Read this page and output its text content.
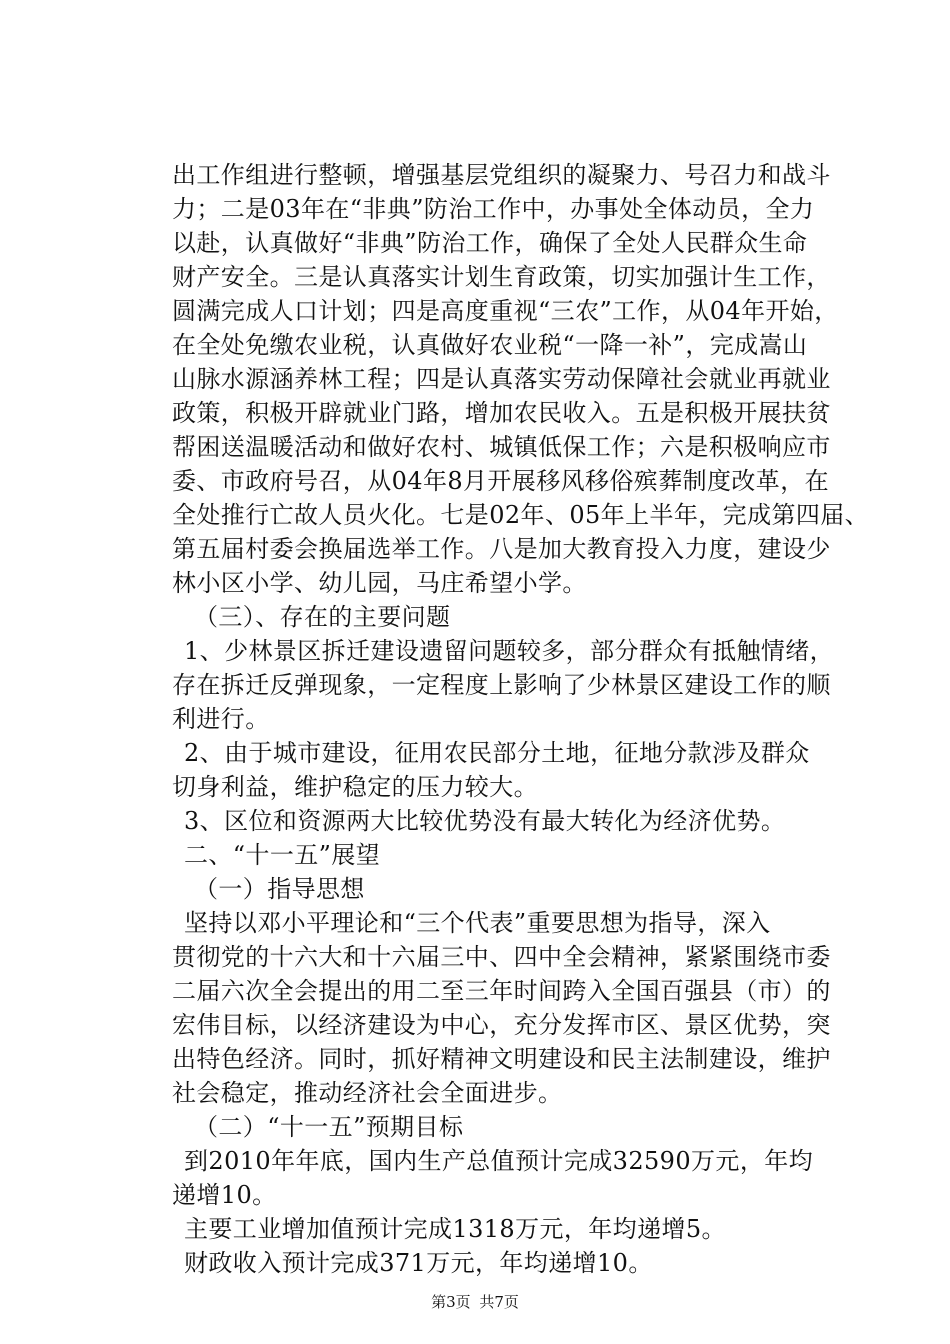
出工作组进行整顿，增强基层党组织的凝聚力、号召力和战斗
力；二是03年在“非典”防治工作中，办事处全体动员，全力
以赴，认真做好“非典”防治工作，确保了全处人民群众生命
财产安全。三是认真落实计划生育政策，切实加强计生工作，
圆满完成人口计划；四是高度重视“三农”工作，从04年开始，
在全处免缴农业税，认真做好农业税“一降一补”，完成嵩山
山脉水源涵养林工程；四是认真落实劳动保障社会就业再就业
政策，积极开辟就业门路，增加农民收入。五是积极开展扶贫
帮困送温暖活动和做好农村、城镇低保工作；六是积极响应市
委、市政府号召，从04年8月开展移风移俗殡葬制度改革，在
全处推行亡故人员火化。七是02年、05年上半年，完成第四届、
第五届村委会换届选举工作。八是加大教育投入力度，建设少
林小区小学、幼儿园，马庄希望小学。
（三）、存在的主要问题
1、少林景区拆迁建设遗留问题较多，部分群众有抵触情绪，
存在拆迁反弹现象，一定程度上影响了少林景区建设工作的顺
利进行。
2、由于城市建设，征用农民部分土地，征地分款涉及群众
切身利益，维护稳定的压力较大。
3、区位和资源两大比较优势没有最大转化为经济优势。
二、“十一五”展望
（一）指导思想
坚持以邓小平理论和“三个代表”重要思想为指导，深入
贯彻党的十六大和十六届三中、四中全会精神，紧紧围绕市委
二届六次全会提出的用二至三年时间跨入全国百强县（市）的
宏伟目标，以经济建设为中心，充分发挥市区、景区优势，突
出特色经济。同时，抓好精神文明建设和民主法制建设，维护
社会稳定，推动经济社会全面进步。
（二）“十一五”预期目标
到2010年年底，国内生产总值预计完成32590万元，年均
递增10。
主要工业增加值预计完成1318万元，年均递增5。
财政收入预计完成371万元，年均递增10。
第3页 共7页
